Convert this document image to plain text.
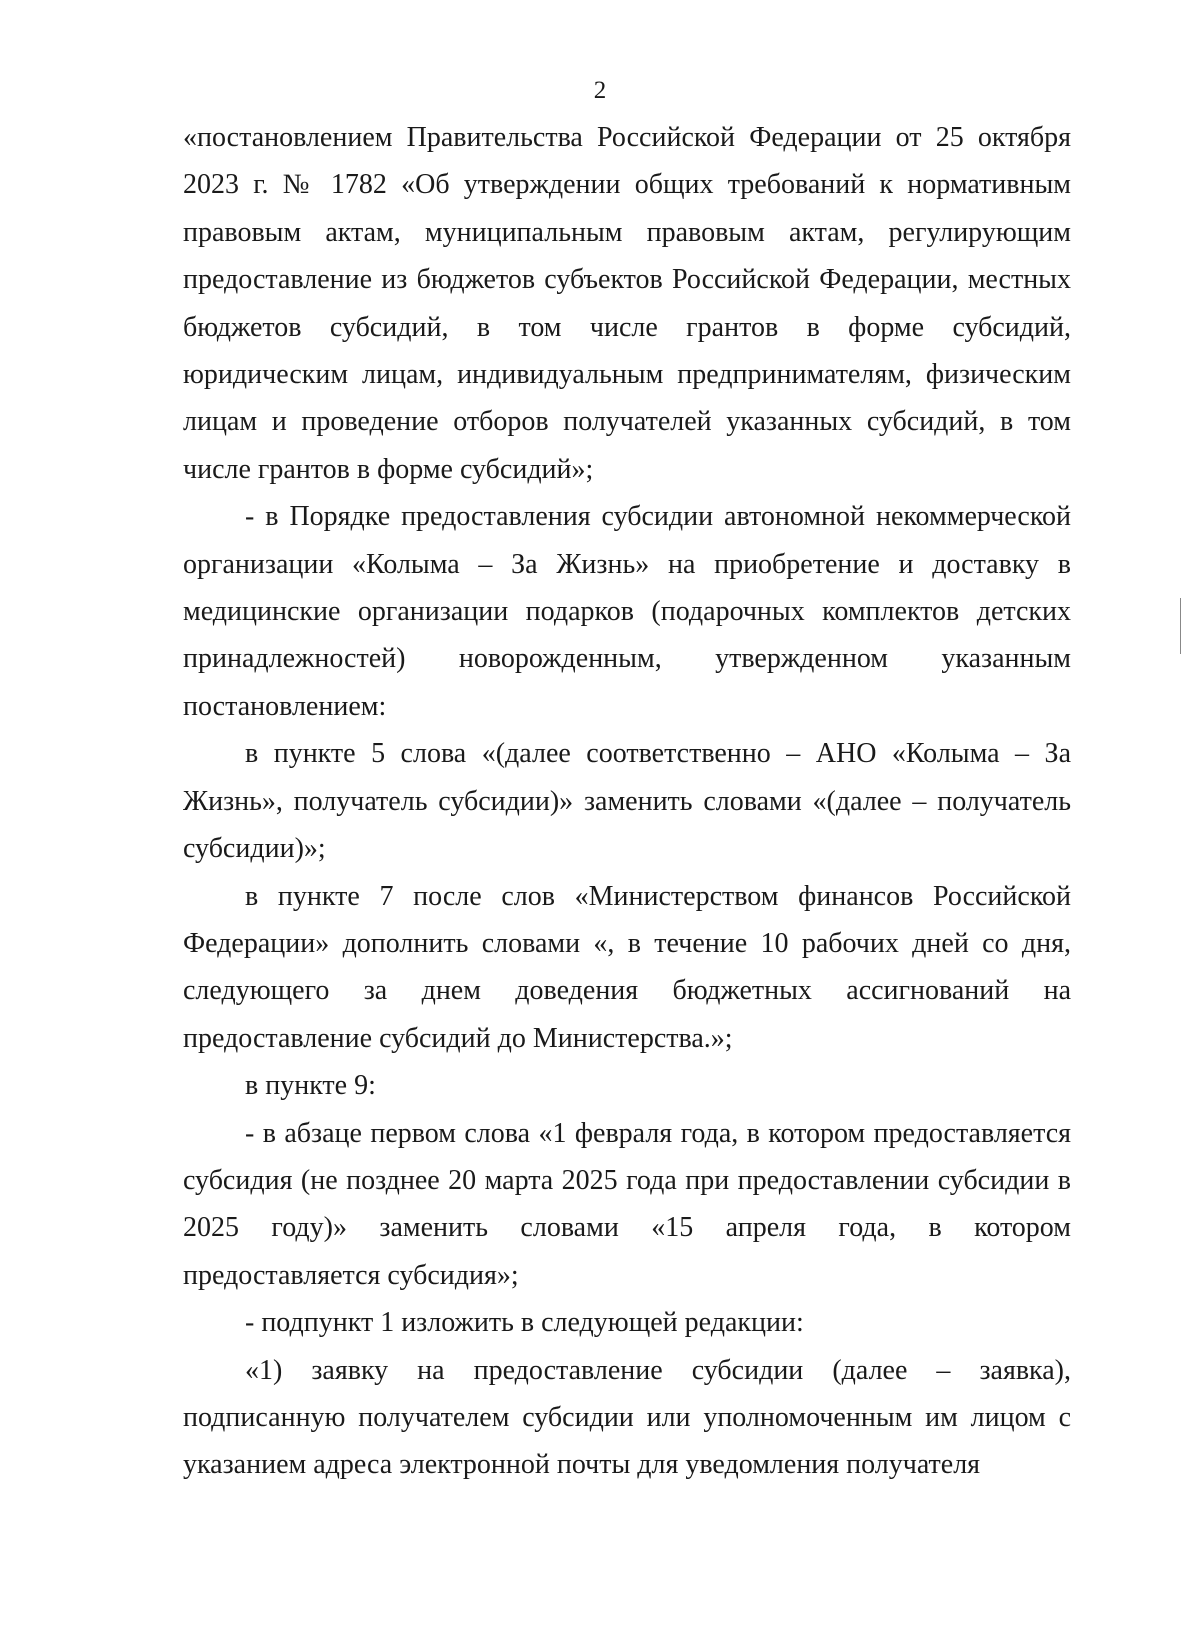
2

«постановлением Правительства Российской Федерации от 25 октября 2023 г. № 1782 «Об утверждении общих требований к нормативным правовым актам, муниципальным правовым актам, регулирующим предоставление из бюджетов субъектов Российской Федерации, местных бюджетов субсидий, в том числе грантов в форме субсидий, юридическим лицам, индивидуальным предпринимателям, физическим лицам и проведение отборов получателей указанных субсидий, в том числе грантов в форме субсидий»;

- в Порядке предоставления субсидии автономной некоммерческой организации «Колыма – За Жизнь» на приобретение и доставку в медицинские организации подарков (подарочных комплектов детских принадлежностей) новорожденным, утвержденном указанным постановлением:

в пункте 5 слова «(далее соответственно – АНО «Колыма – За Жизнь», получатель субсидии)» заменить словами «(далее – получатель субсидии)»;

в пункте 7 после слов «Министерством финансов Российской Федерации» дополнить словами «, в течение 10 рабочих дней со дня, следующего за днем доведения бюджетных ассигнований на предоставление субсидий до Министерства.»;

в пункте 9:

- в абзаце первом слова «1 февраля года, в котором предоставляется субсидия (не позднее 20 марта 2025 года при предоставлении субсидии в 2025 году)» заменить словами «15 апреля года, в котором предоставляется субсидия»;

- подпункт 1 изложить в следующей редакции:

«1) заявку на предоставление субсидии (далее – заявка), подписанную получателем субсидии или уполномоченным им лицом с указанием адреса электронной почты для уведомления получателя
